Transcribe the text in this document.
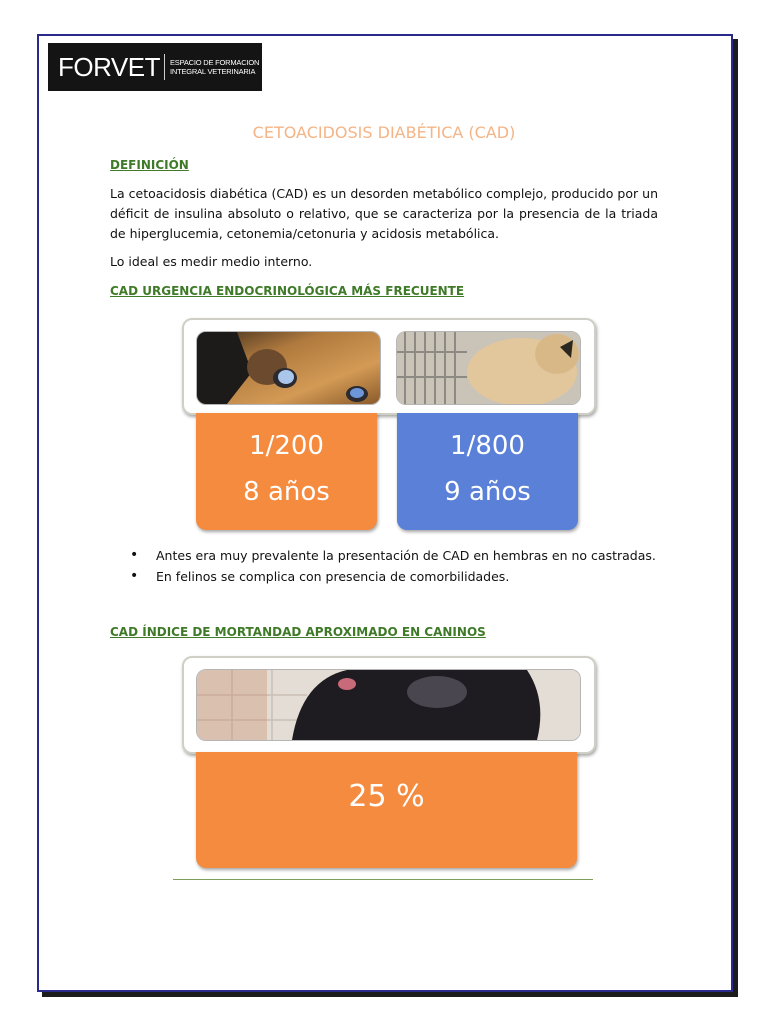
FORVET ESPACIO DE FORMACION
INTEGRAL VETERINARIA
CETOACIDOSIS DIABÉTICA (CAD)
DEFINICIÓN
La cetoacidosis diabética (CAD) es un desorden metabólico complejo, producido por un déficit de insulina absoluto o relativo, que se caracteriza por la presencia de la triada de hiperglucemia, cetonemia/cetonuria y acidosis metabólica.
Lo ideal es medir medio interno.
CAD URGENCIA ENDOCRINOLÓGICA MÁS FRECUENTE
1/200
8 años
1/800
9 años
• Antes era muy prevalente la presentación de CAD en hembras en no castradas.
• En felinos se complica con presencia de comorbilidades.
CAD ÍNDICE DE MORTANDAD APROXIMADO EN CANINOS
25 %
